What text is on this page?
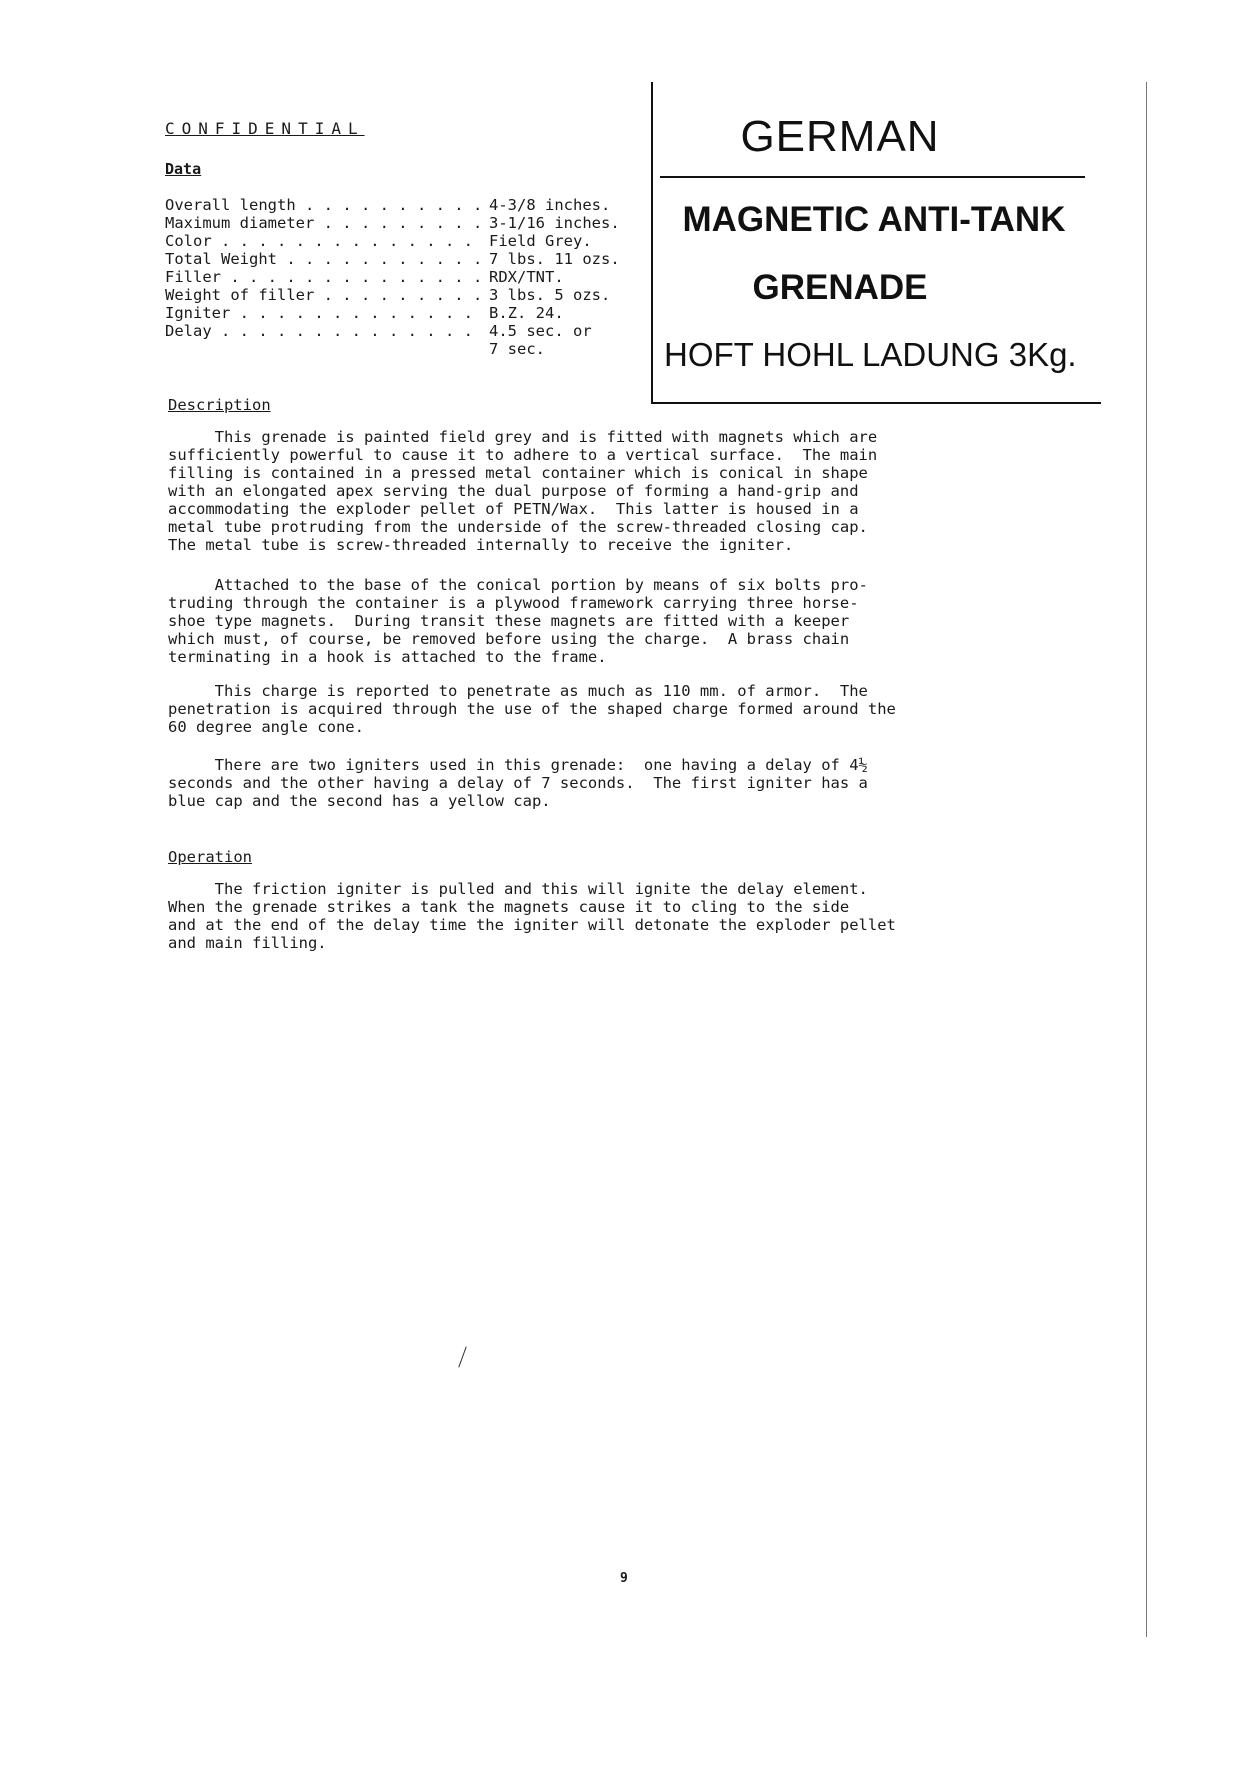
CONFIDENTIAL
Data
Overall length . . .	4-3/8 inches.
Maximum diameter . . .	3-1/16 inches.
Color . . .	Field Grey.
Total Weight . . .	7 lbs. 11 ozs.
Filler . . .	RDX/TNT.
Weight of filler . . .	3 lbs. 5 ozs.
Igniter . . .	B.Z. 24.
Delay . . .	4.5 sec. or
7 sec.
GERMAN
MAGNETIC ANTI-TANK
GRENADE
HOFT HOHL LADUNG 3Kg.
Description
This grenade is painted field grey and is fitted with magnets which are
sufficiently powerful to cause it to adhere to a vertical surface.  The main
filling is contained in a pressed metal container which is conical in shape
with an elongated apex serving the dual purpose of forming a hand-grip and
accommodating the exploder pellet of PETN/Wax.  This latter is housed in a
metal tube protruding from the underside of the screw-threaded closing cap.
The metal tube is screw-threaded internally to receive the igniter.
Attached to the base of the conical portion by means of six bolts pro-
truding through the container is a plywood framework carrying three horse-
shoe type magnets.  During transit these magnets are fitted with a keeper
which must, of course, be removed before using the charge.  A brass chain
terminating in a hook is attached to the frame.
This charge is reported to penetrate as much as 110 mm. of armor.  The
penetration is acquired through the use of the shaped charge formed around the
60 degree angle cone.
There are two igniters used in this grenade:  one having a delay of 4½
seconds and the other having a delay of 7 seconds.  The first igniter has a
blue cap and the second has a yellow cap.
Operation
The friction igniter is pulled and this will ignite the delay element.
When the grenade strikes a tank the magnets cause it to cling to the side
and at the end of the delay time the igniter will detonate the exploder pellet
and main filling.
9
